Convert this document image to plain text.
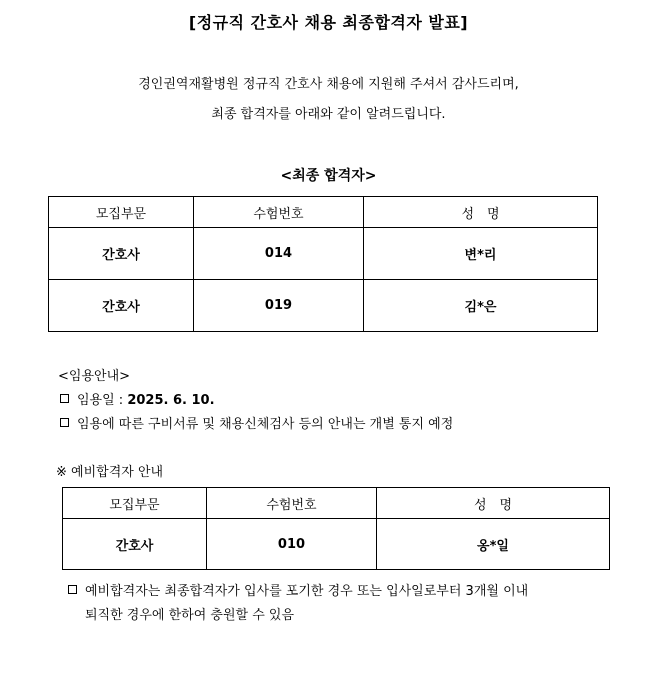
[정규직 간호사 채용 최종합격자 발표]
경인권역재활병원 정규직 간호사 채용에 지원해 주셔서 감사드리며,
최종 합격자를 아래와 같이 알려드립니다.
<최종 합격자>
모집부문	수험번호	성　명
간호사	014	변*리
간호사	019	김*은
<임용안내>
임용일 : 2025. 6. 10.
임용에 따른 구비서류 및 채용신체검사 등의 안내는 개별 통지 예정
※ 예비합격자 안내
모집부문	수험번호	성　명
간호사	010	옹*일
예비합격자는 최종합격자가 입사를 포기한 경우 또는 입사일로부터 3개월 이내
퇴직한 경우에 한하여 충원할 수 있음
